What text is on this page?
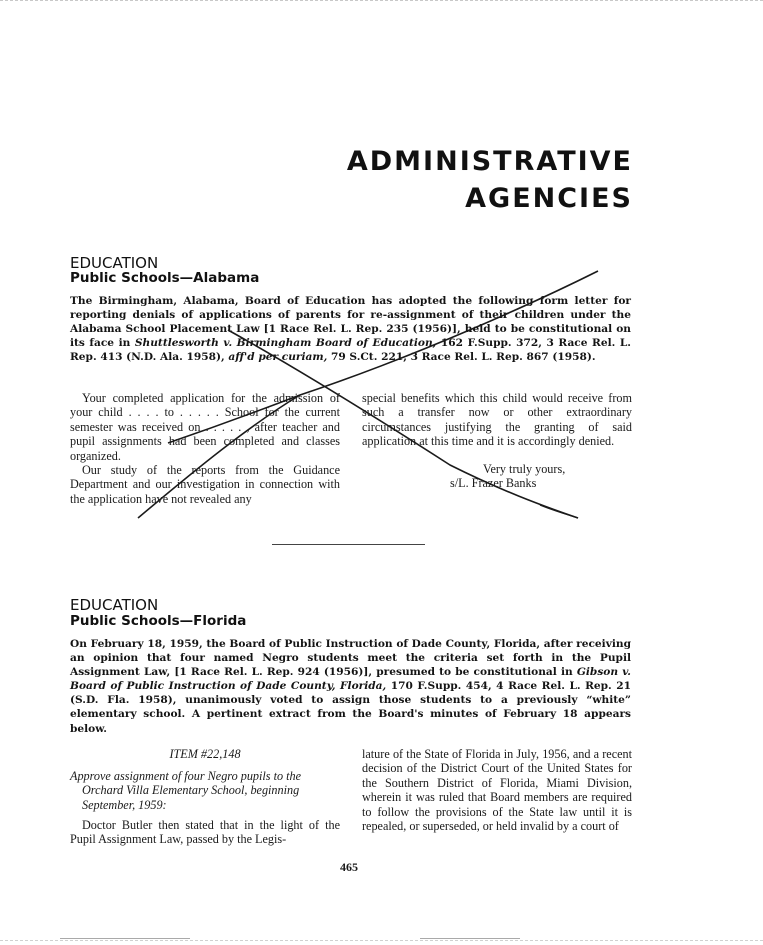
ADMINISTRATIVE
AGENCIES
EDUCATION
Public Schools—Alabama
The Birmingham, Alabama, Board of Education has adopted the following form letter for reporting denials of applications of parents for re-assignment of their children under the Alabama School Placement Law [1 Race Rel. L. Rep. 235 (1956)], held to be constitutional on its face in Shuttlesworth v. Birmingham Board of Education, 162 F.Supp. 372, 3 Race Rel. L. Rep. 413 (N.D. Ala. 1958), aff'd per curiam, 79 S.Ct. 221, 3 Race Rel. L. Rep. 867 (1958).

Your completed application for the admission of your child . . . . to . . . . . School for the current semester was received on . . . . . , after teacher and pupil assignments had been completed and classes organized.

Our study of the reports from the Guidance Department and our investigation in connection with the application have not revealed any

special benefits which this child would receive from such a transfer now or other extraordinary circumstances justifying the granting of said application at this time and it is accordingly denied.

Very truly yours,
s/L. Frazer Banks
EDUCATION
Public Schools—Florida
On February 18, 1959, the Board of Public Instruction of Dade County, Florida, after receiving an opinion that four named Negro students meet the criteria set forth in the Pupil Assignment Law, [1 Race Rel. L. Rep. 924 (1956)], presumed to be constitutional in Gibson v. Board of Public Instruction of Dade County, Florida, 170 F.Supp. 454, 4 Race Rel. L. Rep. 21 (S.D. Fla. 1958), unanimously voted to assign those students to a previously “white” elementary school. A pertinent extract from the Board's minutes of February 18 appears below.
ITEM #22,148
Approve assignment of four Negro pupils to the
Orchard Villa Elementary School, beginning
September, 1959:

Doctor Butler then stated that in the light of the Pupil Assignment Law, passed by the Legis-

lature of the State of Florida in July, 1956, and a recent decision of the District Court of the United States for the Southern District of Florida, Miami Division, wherein it was ruled that Board members are required to follow the provisions of the State law until it is repealed, or superseded, or held invalid by a court of

465
